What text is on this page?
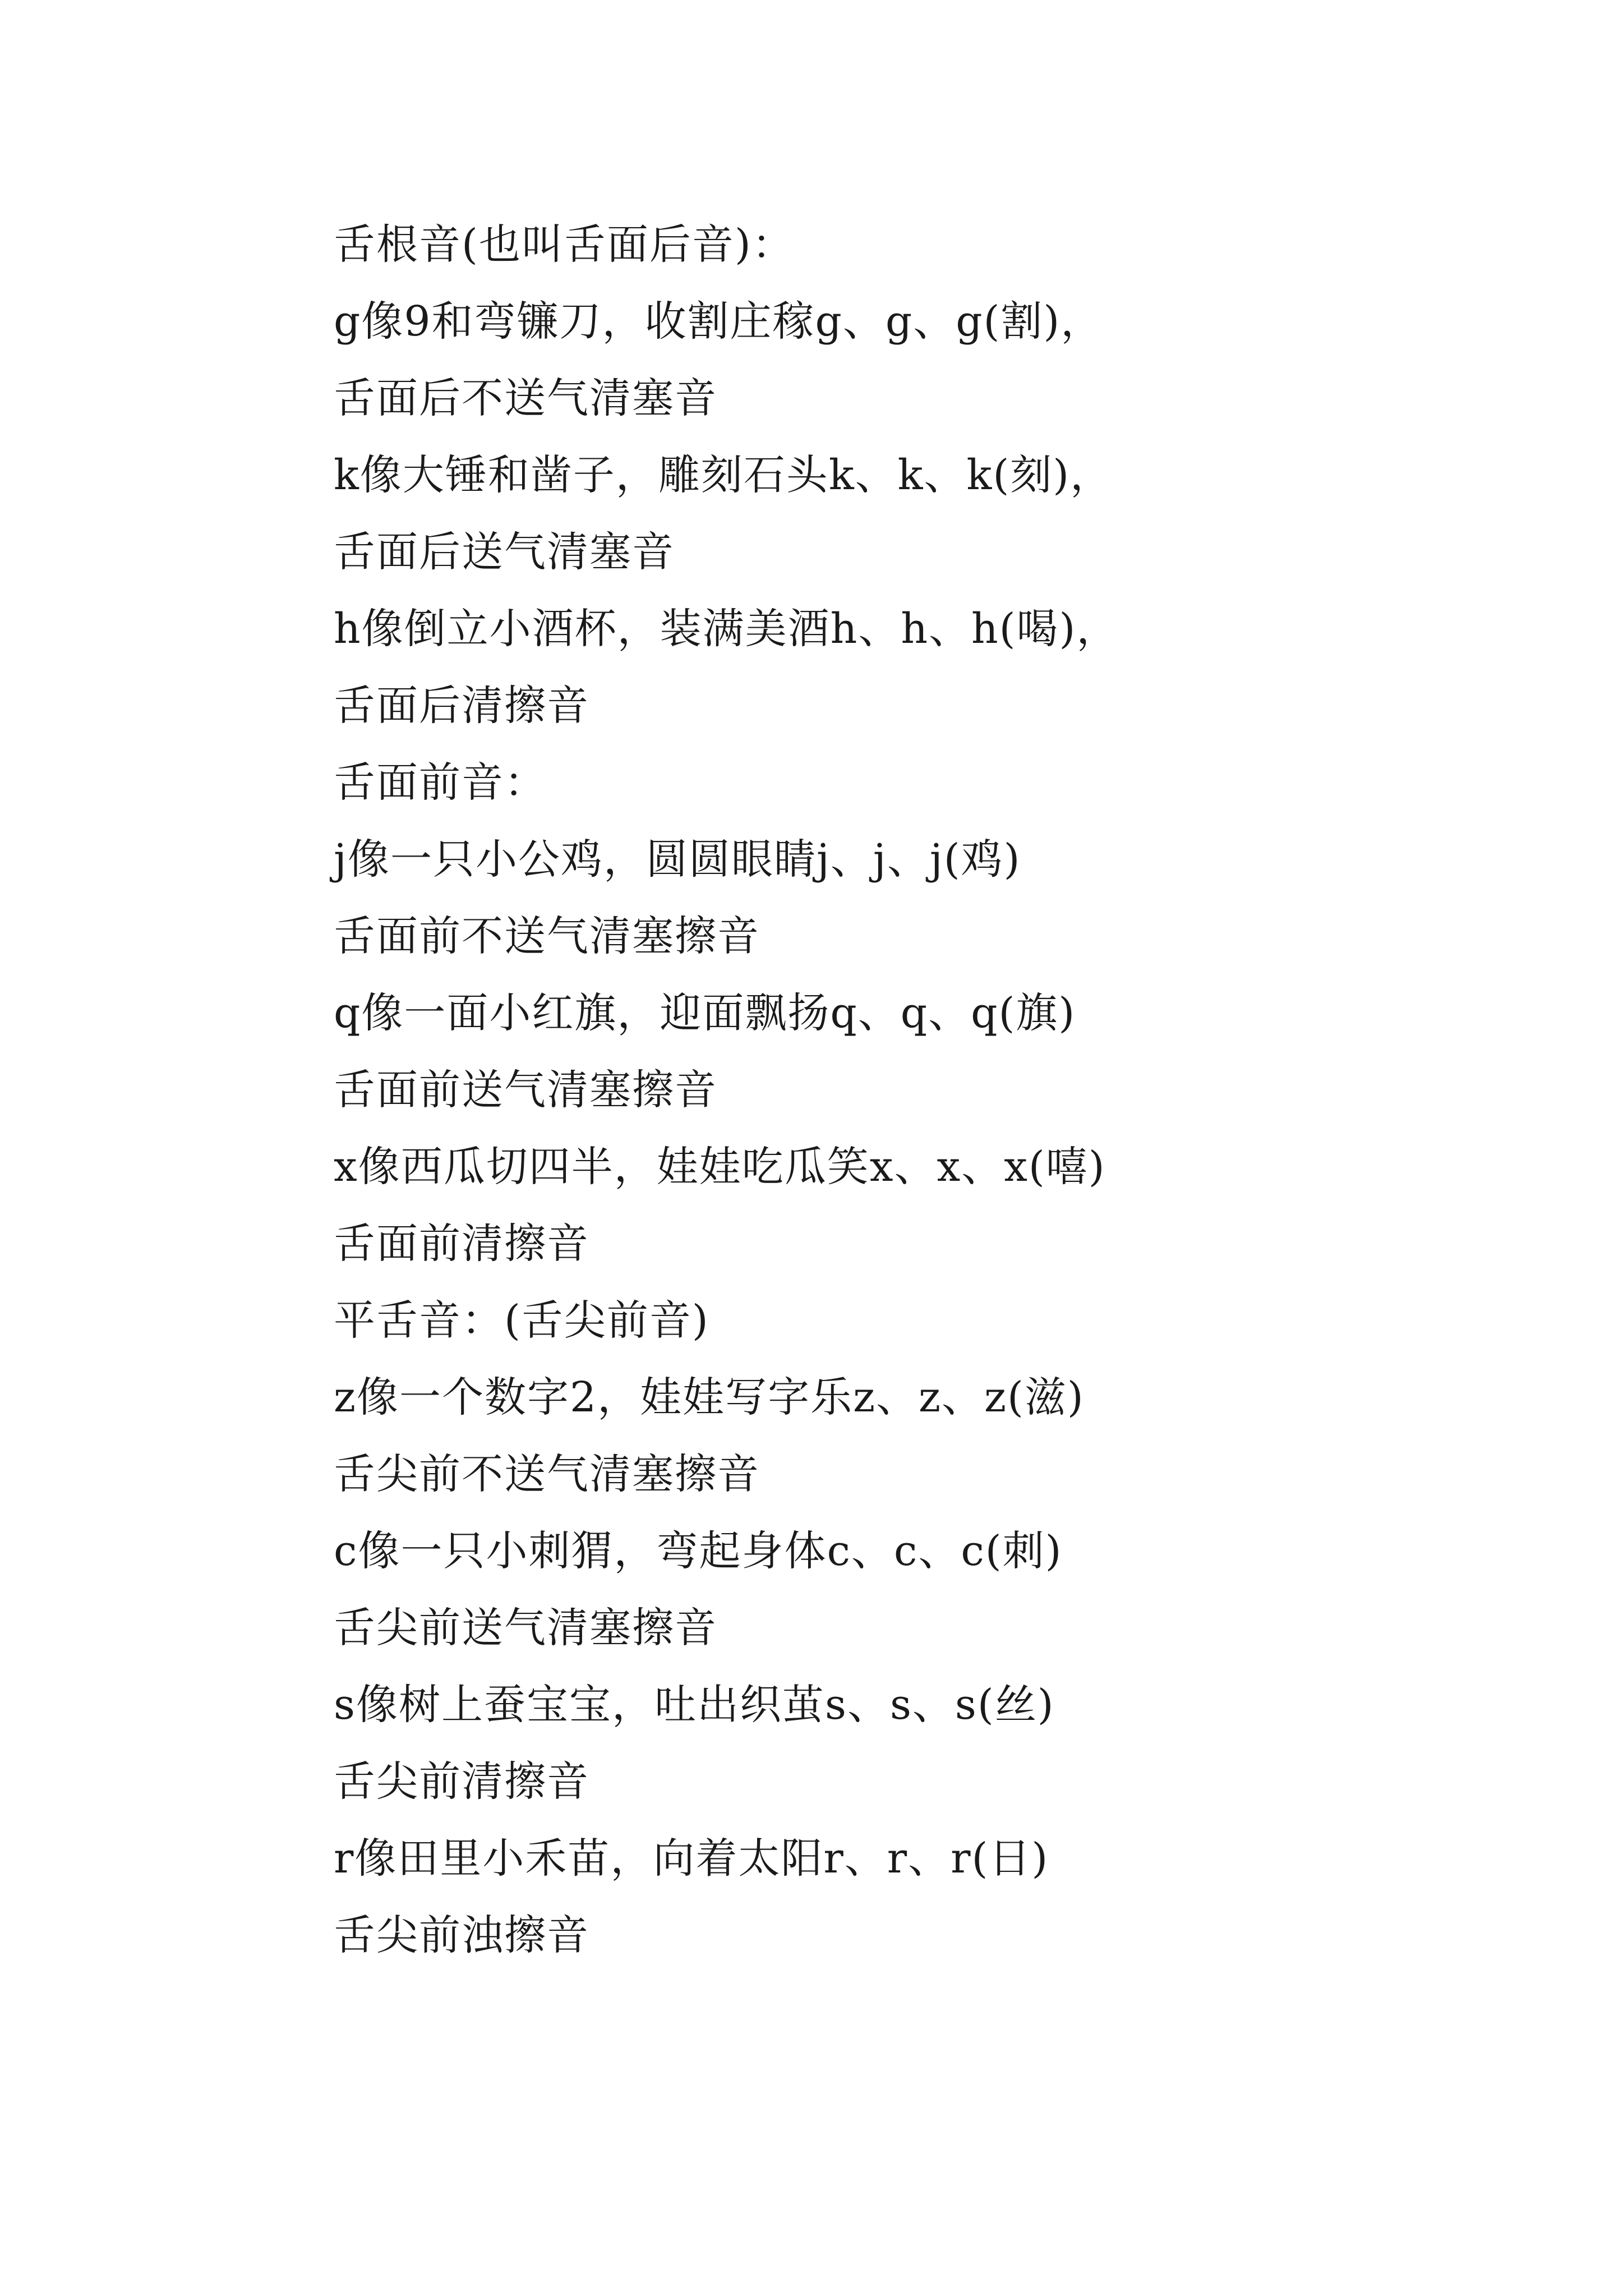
舌根音(也叫舌面后音)：
g像9和弯镰刀，收割庄稼g、g、g(割)，
舌面后不送气清塞音
k像大锤和凿子，雕刻石头k、k、k(刻)，
舌面后送气清塞音
h像倒立小酒杯，装满美酒h、h、h(喝)，
舌面后清擦音
舌面前音：
j像一只小公鸡，圆圆眼睛j、j、j(鸡)
舌面前不送气清塞擦音
q像一面小红旗，迎面飘扬q、q、q(旗)
舌面前送气清塞擦音
x像西瓜切四半，娃娃吃瓜笑x、x、x(嘻)
舌面前清擦音
平舌音：(舌尖前音)
z像一个数字2，娃娃写字乐z、z、z(滋)
舌尖前不送气清塞擦音
c像一只小刺猬，弯起身体c、c、c(刺)
舌尖前送气清塞擦音
s像树上蚕宝宝，吐出织茧s、s、s(丝)
舌尖前清擦音
r像田里小禾苗，向着太阳r、r、r(日)
舌尖前浊擦音
